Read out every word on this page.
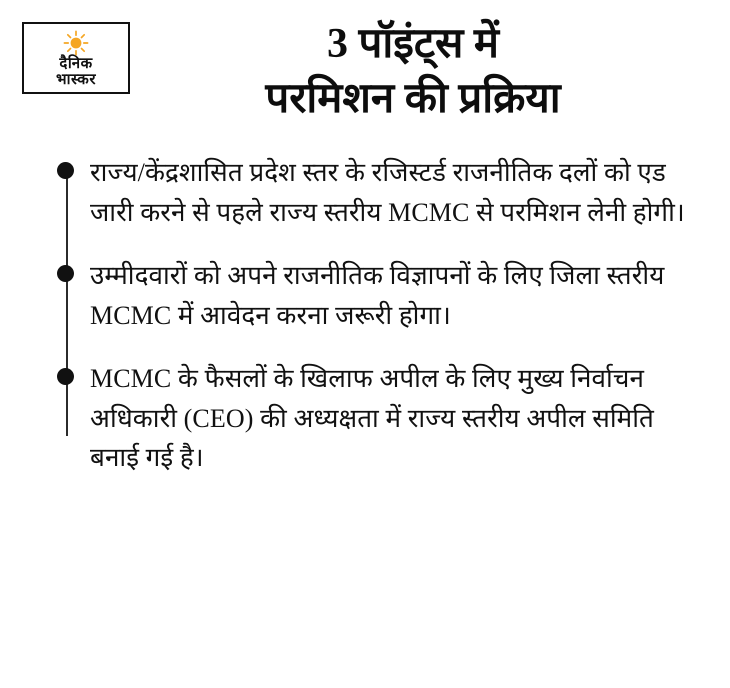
दैनिक
भास्कर
3 पॉइंट्स में
परमिशन की प्रक्रिया
राज्य/केंद्रशासित प्रदेश स्तर के रजिस्टर्ड राजनीतिक दलों को एड जारी करने से पहले राज्य स्तरीय MCMC से परमिशन लेनी होगी।
उम्मीदवारों को अपने राजनीतिक विज्ञापनों के लिए जिला स्तरीय MCMC में आवेदन करना जरूरी होगा।
MCMC के फैसलों के खिलाफ अपील के लिए मुख्य निर्वाचन अधिकारी (CEO) की अध्यक्षता में राज्य स्तरीय अपील समिति बनाई गई है।
